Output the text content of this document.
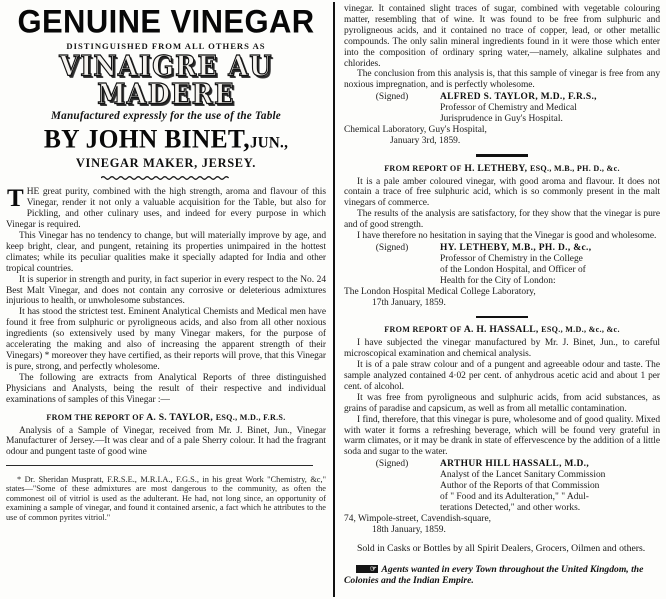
GENUINE VINEGAR
DISTINGUISHED FROM ALL OTHERS AS
VINAIGRE AU MADERE
Manufactured expressly for the use of the Table
BY JOHN BINET,JUN.,
VINEGAR MAKER, JERSEY.

THE great purity, combined with the high strength, aroma and flavour of this Vinegar, render it not only a valuable acquisition for the Table, but also for Pickling, and other culinary uses, and indeed for every purpose in which Vinegar is required.

This Vinegar has no tendency to change, but will materially improve by age, and keep bright, clear, and pungent, retaining its properties unimpaired in the hottest climates; while its peculiar qualities make it specially adapted for India and other tropical countries.

It is superior in strength and purity, in fact superior in every respect to the No. 24 Best Malt Vinegar, and does not contain any corrosive or deleterious admixtures injurious to health, or unwholesome substances.

It has stood the strictest test. Eminent Analytical Chemists and Medical men have found it free from sulphuric or pyroligneous acids, and also from all other noxious ingredients (so extensively used by many Vinegar makers, for the purpose of accelerating the making and also of increasing the apparent strength of their Vinegars) * moreover they have certified, as their reports will prove, that this Vinegar is pure, strong, and perfectly wholesome.

The following are extracts from Analytical Reports of three distinguished Physicians and Analysts, being the result of their respective and individual examinations of samples of this Vinegar :—

FROM THE REPORT OF A. S. TAYLOR, ESQ., M.D., F.R.S.

Analysis of a Sample of Vinegar, received from Mr. J. Binet, Jun., Vinegar Manufacturer of Jersey.—It was clear and of a pale Sherry colour. It had the fragrant odour and pungent taste of good wine

* Dr. Sheridan Muspratt, F.R.S.E., M.R.I.A., F.G.S., in his great Work "Chemistry, &c," states—"Some of these admixtures are most dangerous to the community, as often the commonest oil of vitriol is used as the adulterant. He had, not long since, an opportunity of examining a sample of vinegar, and found it contained arsenic, a fact which he attributes to the use of common pyrites vitriol."

vinegar. It contained slight traces of sugar, combined with vegetable colouring matter, resembling that of wine. It was found to be free from sulphuric and pyroligneous acids, and it contained no trace of copper, lead, or other metallic compounds. The only salin mineral ingredients found in it were those which enter into the composition of ordinary spring water,—namely, alkaline sulphates and chlorides.

The conclusion from this analysis is, that this sample of vinegar is free from any noxious impregnation, and is perfectly wholesome.

(Signed)	ALFRED S. TAYLOR, M.D., F.R.S.,
Professor of Chemistry and Medical
Jurisprudence in Guy's Hospital.
Chemical Laboratory, Guy's Hospital,
January 3rd, 1859.
FROM REPORT OF H. LETHEBY, ESQ., M.B., PH. D., &c.

It is a pale amber coloured vinegar, with good aroma and flavour. It does not contain a trace of free sulphuric acid, which is so commonly present in the malt vinegars of commerce.

The results of the analysis are satisfactory, for they show that the vinegar is pure and of good strength.

I have therefore no hesitation in saying that the Vinegar is good and wholesome.

(Signed)	HY. LETHEBY, M.B., PH. D., &c.,
Professor of Chemistry in the College
of the London Hospital, and Officer of
Health for the City of London:
The London Hospital Medical College Laboratory,
17th January, 1859.
FROM REPORT OF A. H. HASSALL, ESQ., M.D., &c., &c.

I have subjected the vinegar manufactured by Mr. J. Binet, Jun., to careful microscopical examination and chemical analysis.

It is of a pale straw colour and of a pungent and agreeable odour and taste. The sample analyzed contained 4·02 per cent. of anhydrous acetic acid and about 1 per cent. of alcohol.

It was free from pyroligneous and sulphuric acids, from acid substances, as grains of paradise and capsicum, as well as from all metallic contamination.

I find, therefore, that this vinegar is pure, wholesome and of good quality. Mixed with water it forms a refreshing beverage, which will be found very grateful in warm climates, or it may be drank in state of effervescence by the addition of a little soda and sugar to the water.

(Signed)	ARTHUR HILL HASSALL, M.D.,
Analyst of the Lancet Sanitary Commission
Author of the Reports of that Commission
of " Food and its Adulteration," " Adul-
terations Detected," and other works.
74, Wimpole-street, Cavendish-square,
18th January, 1859.

Sold in Casks or Bottles by all Spirit Dealers, Grocers, Oilmen and others.

☞ Agents wanted in every Town throughout the United Kingdom, the Colonies and the Indian Empire.
